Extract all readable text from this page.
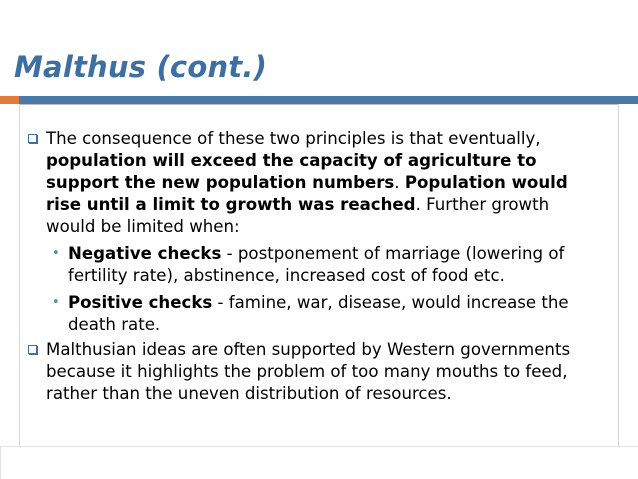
Malthus (cont.)
The consequence of these two principles is that eventually, population will exceed the capacity of agriculture to support the new population numbers. Population would rise until a limit to growth was reached. Further growth would be limited when:
• Negative checks - postponement of marriage (lowering of fertility rate), abstinence, increased cost of food etc.
• Positive checks - famine, war, disease, would increase the death rate.
Malthusian ideas are often supported by Western governments because it highlights the problem of too many mouths to feed, rather than the uneven distribution of resources.
